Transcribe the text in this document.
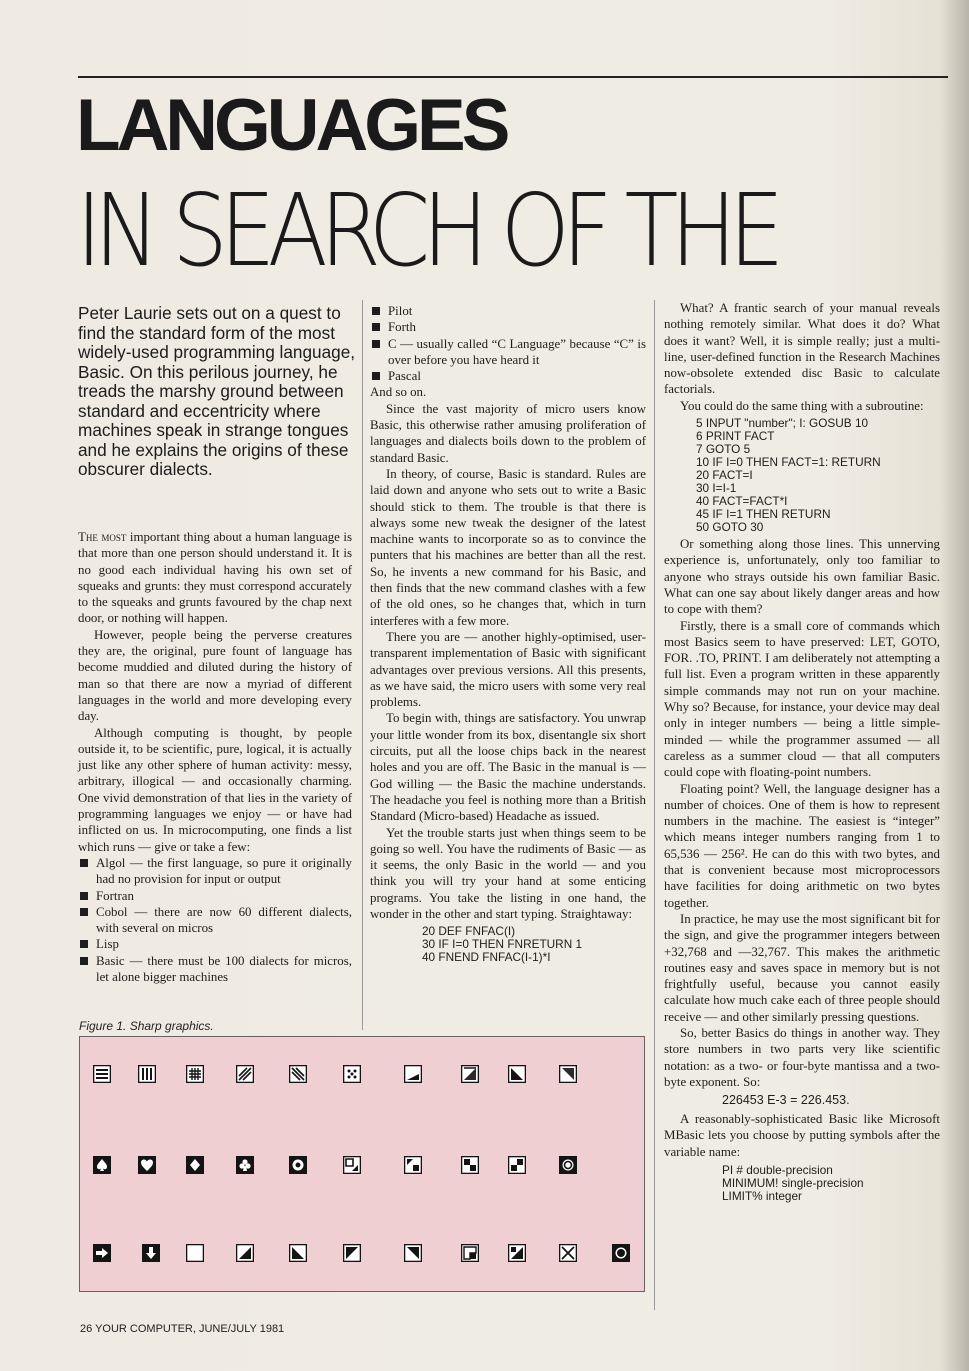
LANGUAGES
IN SEARCH OF THE
Peter Laurie sets out on a quest to find the standard form of the most widely-used programming language, Basic. On this perilous journey, he treads the marshy ground between standard and eccentricity where machines speak in strange tongues and he explains the origins of these obscurer dialects.

The most important thing about a human language is that more than one person should understand it. It is no good each individual having his own set of squeaks and grunts: they must correspond accurately to the squeaks and grunts favoured by the chap next door, or nothing will happen.

However, people being the perverse creatures they are, the original, pure fount of language has become muddied and diluted during the history of man so that there are now a myriad of different languages in the world and more developing every day.

Although computing is thought, by people outside it, to be scientific, pure, logical, it is actually just like any other sphere of human activity: messy, arbitrary, illogical — and occasionally charming. One vivid demonstration of that lies in the variety of programming languages we enjoy — or have had inflicted on us. In microcomputing, one finds a list which runs — give or take a few:

Algol — the first language, so pure it originally had no provision for input or output
Fortran
Cobol — there are now 60 different dialects, with several on micros
Lisp
Basic — there must be 100 dialects for micros, let alone bigger machines
Pilot
Forth
C — usually called “C Language” because “C” is over before you have heard it
Pascal

And so on.

Since the vast majority of micro users know Basic, this otherwise rather amusing proliferation of languages and dialects boils down to the problem of standard Basic.

In theory, of course, Basic is standard. Rules are laid down and anyone who sets out to write a Basic should stick to them. The trouble is that there is always some new tweak the designer of the latest machine wants to incorporate so as to convince the punters that his machines are better than all the rest. So, he invents a new command for his Basic, and then finds that the new command clashes with a few of the old ones, so he changes that, which in turn interferes with a few more.

There you are — another highly-optimised, user-transparent implementation of Basic with significant advantages over previous versions. All this presents, as we have said, the micro users with some very real problems.

To begin with, things are satisfactory. You unwrap your little wonder from its box, disentangle six short circuits, put all the loose chips back in the nearest holes and you are off. The Basic in the manual is — God willing — the Basic the machine understands. The headache you feel is nothing more than a British Standard (Micro-based) Headache as issued.

Yet the trouble starts just when things seem to be going so well. You have the rudiments of Basic — as it seems, the only Basic in the world — and you think you will try your hand at some enticing programs. You take the listing in one hand, the wonder in the other and start typing. Straightaway:

20 DEF FNFAC(I)
30 IF I=0 THEN FNRETURN 1
40 FNEND FNFAC(I-1)*I

What? A frantic search of your manual reveals nothing remotely similar. What does it do? What does it want? Well, it is simple really; just a multi-line, user-defined function in the Research Machines now-obsolete extended disc Basic to calculate factorials.

You could do the same thing with a subroutine:

5 INPUT "number"; I: GOSUB 10
6 PRINT FACT
7 GOTO 5
10 IF I=0 THEN FACT=1: RETURN
20 FACT=I
30 I=I-1
40 FACT=FACT*I
45 IF I=1 THEN RETURN
50 GOTO 30

Or something along those lines. This unnerving experience is, unfortunately, only too familiar to anyone who strays outside his own familiar Basic. What can one say about likely danger areas and how to cope with them?

Firstly, there is a small core of commands which most Basics seem to have preserved: LET, GOTO, FOR. .TO, PRINT. I am deliberately not attempting a full list. Even a program written in these apparently simple commands may not run on your machine. Why so? Because, for instance, your device may deal only in integer numbers — being a little simple-minded — while the programmer assumed — all careless as a summer cloud — that all computers could cope with floating-point numbers.

Floating point? Well, the language designer has a number of choices. One of them is how to represent numbers in the machine. The easiest is “integer” which means integer numbers ranging from 1 to 65,536 — 256². He can do this with two bytes, and that is convenient because most microprocessors have facilities for doing arithmetic on two bytes together.

In practice, he may use the most significant bit for the sign, and give the programmer integers between +32,768 and —32,767. This makes the arithmetic routines easy and saves space in memory but is not frightfully useful, because you cannot easily calculate how much cake each of three people should receive — and other similarly pressing questions.

So, better Basics do things in another way. They store numbers in two parts very like scientific notation: as a two- or four-byte mantissa and a two-byte exponent. So:

226453 E-3 = 226.453.

A reasonably-sophisticated Basic like Microsoft MBasic lets you choose by putting symbols after the variable name:

PI # double-precision
MINIMUM! single-precision
LIMIT% integer
Figure 1. Sharp graphics.
26 YOUR COMPUTER, JUNE/JULY 1981
